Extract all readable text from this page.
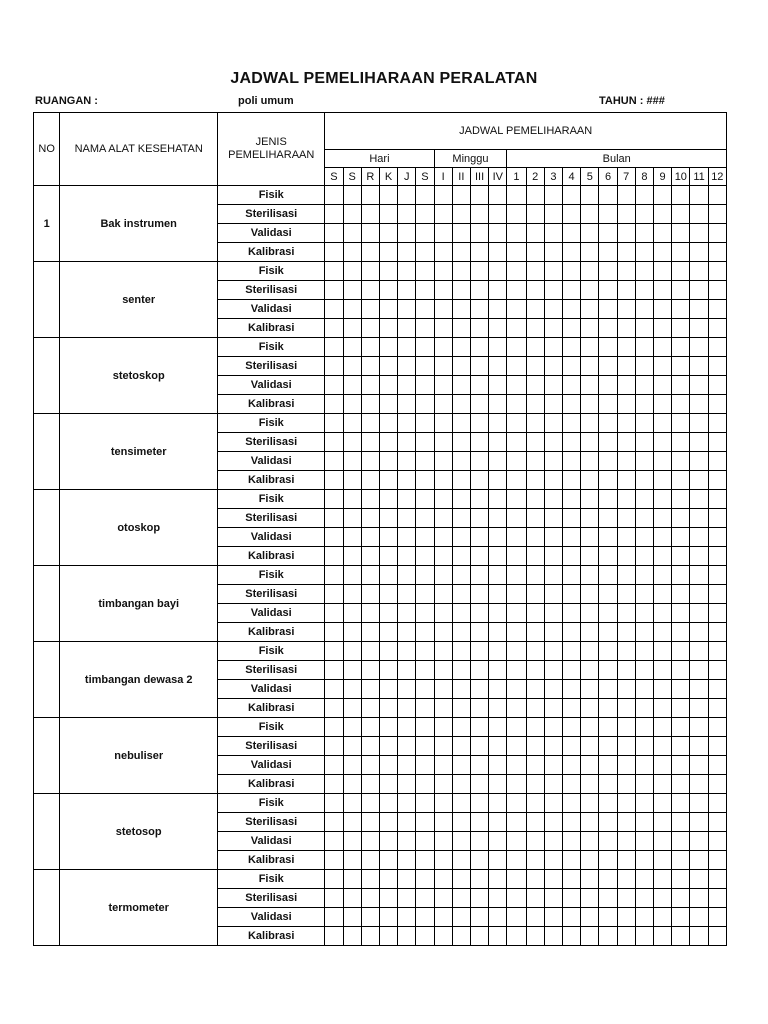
JADWAL PEMELIHARAAN PERALATAN
RUANGAN :	poli umum	TAHUN : ###
NO	NAMA ALAT KESEHATAN	JENIS
PEMELIHARAAN	JADWAL PEMELIHARAAN																					
			Hari						Minggu				Bulan											
			S	S	R	K	J	S	I	II	III	IV	1	2	3	4	5	6	7	8	9	10	11	12
1	Bak instrumen	Fisik																						
		Sterilisasi																						
		Validasi																						
		Kalibrasi																						
	senter	Fisik																						
		Sterilisasi																						
		Validasi																						
		Kalibrasi																						
	stetoskop	Fisik																						
		Sterilisasi																						
		Validasi																						
		Kalibrasi																						
	tensimeter	Fisik																						
		Sterilisasi																						
		Validasi																						
		Kalibrasi																						
	otoskop	Fisik																						
		Sterilisasi																						
		Validasi																						
		Kalibrasi																						
	timbangan bayi	Fisik																						
		Sterilisasi																						
		Validasi																						
		Kalibrasi																						
	timbangan dewasa 2	Fisik																						
		Sterilisasi																						
		Validasi																						
		Kalibrasi																						
	nebuliser	Fisik																						
		Sterilisasi																						
		Validasi																						
		Kalibrasi																						
	stetosop	Fisik																						
		Sterilisasi																						
		Validasi																						
		Kalibrasi																						
	termometer	Fisik																						
		Sterilisasi																						
		Validasi																						
		Kalibrasi																						
